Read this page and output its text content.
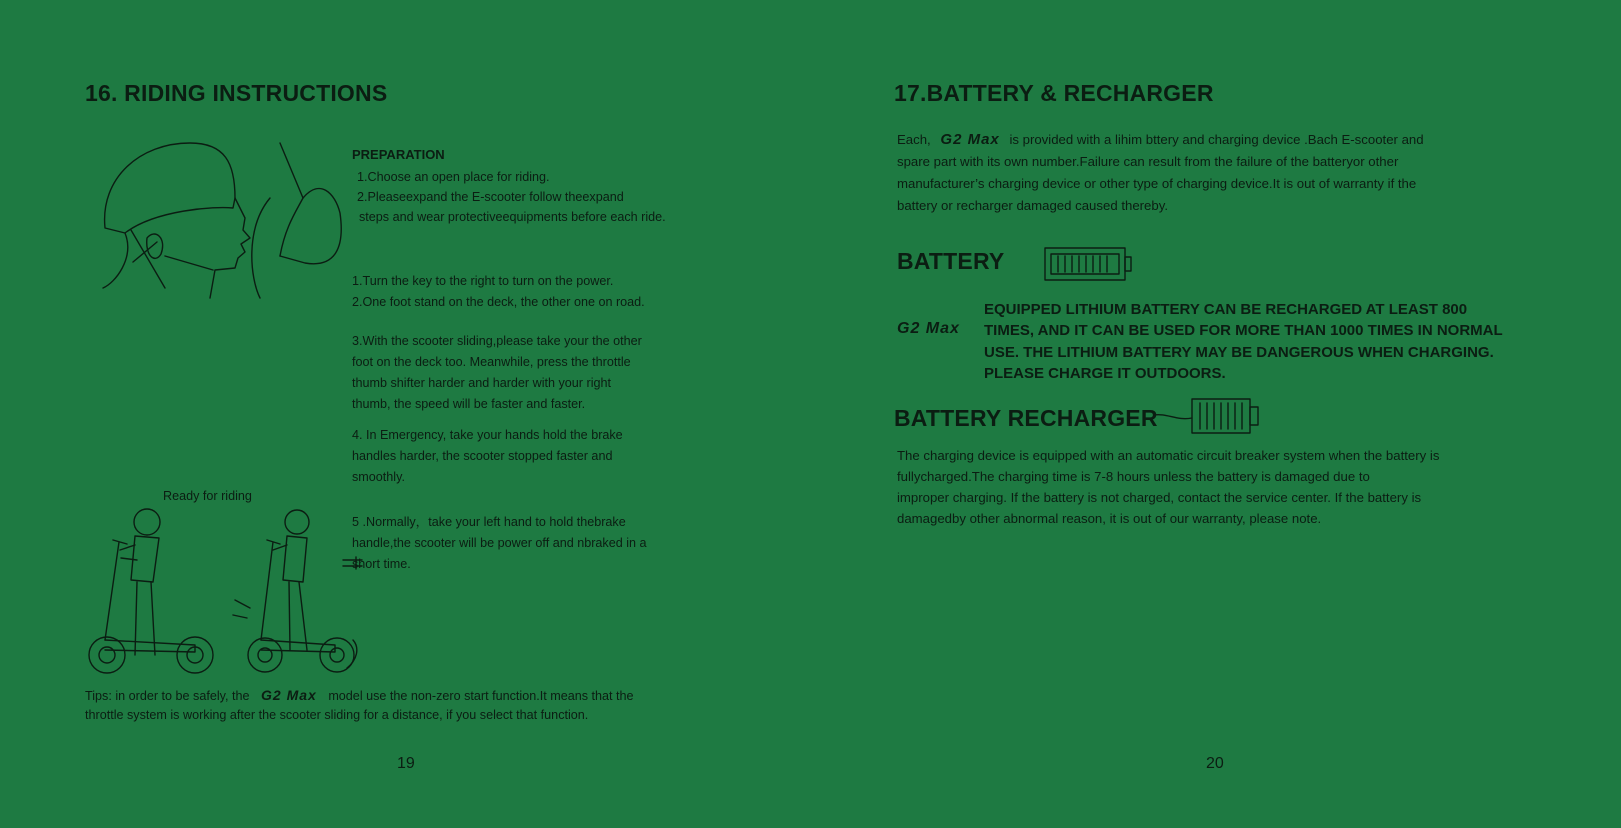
16. RIDING INSTRUCTIONS
PREPARATION
1.Choose an open place for riding.
2.Pleaseexpand the E-scooter follow theexpand
steps and wear protectiveequipments before each ride.
1.Turn the key to the right to turn on the power.
2.One foot stand on the deck, the other one on road.
3.With the scooter sliding,please take your the other
foot on the deck too. Meanwhile, press the throttle
thumb shifter harder and harder with your right
thumb, the speed will be faster and faster.
4. In Emergency, take your hands hold the brake
handles harder, the scooter stopped faster and
smoothly.
Ready for riding
5 .Normally，take your left hand to hold thebrake
handle,the scooter will be power off and nbraked in a
short time.
Tips: in order to be safely, the G2 Max model use the non-zero start function.It means that the
throttle system is working after the scooter sliding for a distance, if you select that function.
19
17.BATTERY & RECHARGER
Each, G2 Max is provided with a lihim bttery and charging device .Bach E-scooter and
spare part with its own number.Failure can result from the failure of the batteryor other
manufacturer’s charging device or other type of charging device.It is out of warranty if the
battery or recharger damaged caused thereby.
BATTERY
G2 Max
EQUIPPED LITHIUM BATTERY CAN BE RECHARGED AT LEAST 800
TIMES, AND IT CAN BE USED FOR MORE THAN 1000 TIMES IN NORMAL
USE. THE LITHIUM BATTERY MAY BE DANGEROUS WHEN CHARGING.
PLEASE CHARGE IT OUTDOORS.
BATTERY RECHARGER
The charging device is equipped with an automatic circuit breaker system when the battery is
fullycharged.The charging time is 7-8 hours unless the battery is damaged due to
improper charging. If the battery is not charged, contact the service center. If the battery is
damagedby other abnormal reason, it is out of our warranty, please note.
20
